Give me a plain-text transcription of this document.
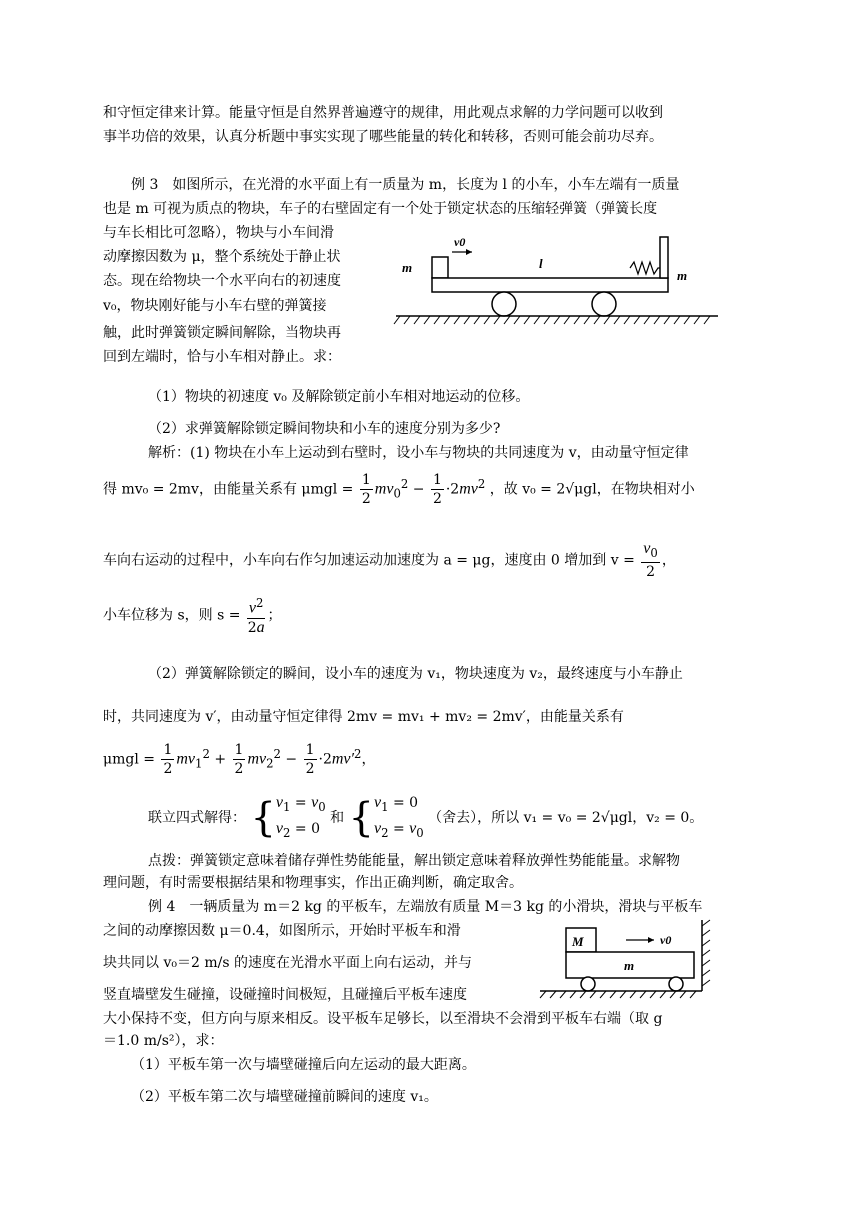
和守恒定律来计算。能量守恒是自然界普遍遵守的规律，用此观点求解的力学问题可以收到
事半功倍的效果，认真分析题中事实实现了哪些能量的转化和转移，否则可能会前功尽弃。
例 3　如图所示，在光滑的水平面上有一质量为 m，长度为 l 的小车，小车左端有一质量
也是 m 可视为质点的物块，车子的右壁固定有一个处于锁定状态的压缩轻弹簧（弹簧长度
与车长相比可忽略），物块与小车间滑
动摩擦因数为 μ，整个系统处于静止状
态。现在给物块一个水平向右的初速度
v₀，物块刚好能与小车右壁的弹簧接
触，此时弹簧锁定瞬间解除，当物块再
回到左端时，恰与小车相对静止。求：
m
v0
l
m
（1）物块的初速度 v₀ 及解除锁定前小车相对地运动的位移。
（2）求弹簧解除锁定瞬间物块和小车的速度分别为多少?
解析：(1) 物块在小车上运动到右壁时，设小车与物块的共同速度为 v，由动量守恒定律
得 mv₀ = 2mv，由能量关系有 $\mu mgl = \frac{1}{2} mv_0^2 - \frac{1}{2} \cdot 2mv^2$ ，故 v₀ = 2√μgl，在物块相对小
车向右运动的过程中，小车向右作匀加速运动加速度为 a = μg，速度由 0 增加到 $v = \frac{v_0}{2}$ ，
小车位移为 s，则 $s = \frac{v^2}{2a}$ ；
（2）弹簧解除锁定的瞬间，设小车的速度为 v₁，物块速度为 v₂，最终速度与小车静止
时，共同速度为 v′，由动量守恒定律得 2mv = mv₁ + mv₂ = 2mv′，由能量关系有
$\mu mgl = \frac{1}{2} mv_1^2 + \frac{1}{2} mv_2^2 - \frac{1}{2} \cdot 2mv'^2$，
联立四式解得： {$v_1 = v_0$
$v_2 = 0$ 和 {$v_1 = 0$
$v_2 = v_0$ （舍去），所以 v₁ = v₀ = 2√μgl，v₂ = 0。
点拨：弹簧锁定意味着储存弹性势能能量，解出锁定意味着释放弹性势能能量。求解物
理问题，有时需要根据结果和物理事实，作出正确判断，确定取舍。
例 4　一辆质量为 m＝2 kg 的平板车，左端放有质量 M＝3 kg 的小滑块，滑块与平板车
之间的动摩擦因数 μ＝0.4，如图所示，开始时平板车和滑
块共同以 v₀＝2 m/s 的速度在光滑水平面上向右运动，并与
竖直墙壁发生碰撞，设碰撞时间极短，且碰撞后平板车速度
大小保持不变，但方向与原来相反。设平板车足够长，以至滑块不会滑到平板车右端（取 g
＝1.0 m/s²），求：
M	v0
m
（1）平板车第一次与墙壁碰撞后向左运动的最大距离。
（2）平板车第二次与墙壁碰撞前瞬间的速度 v₁。
